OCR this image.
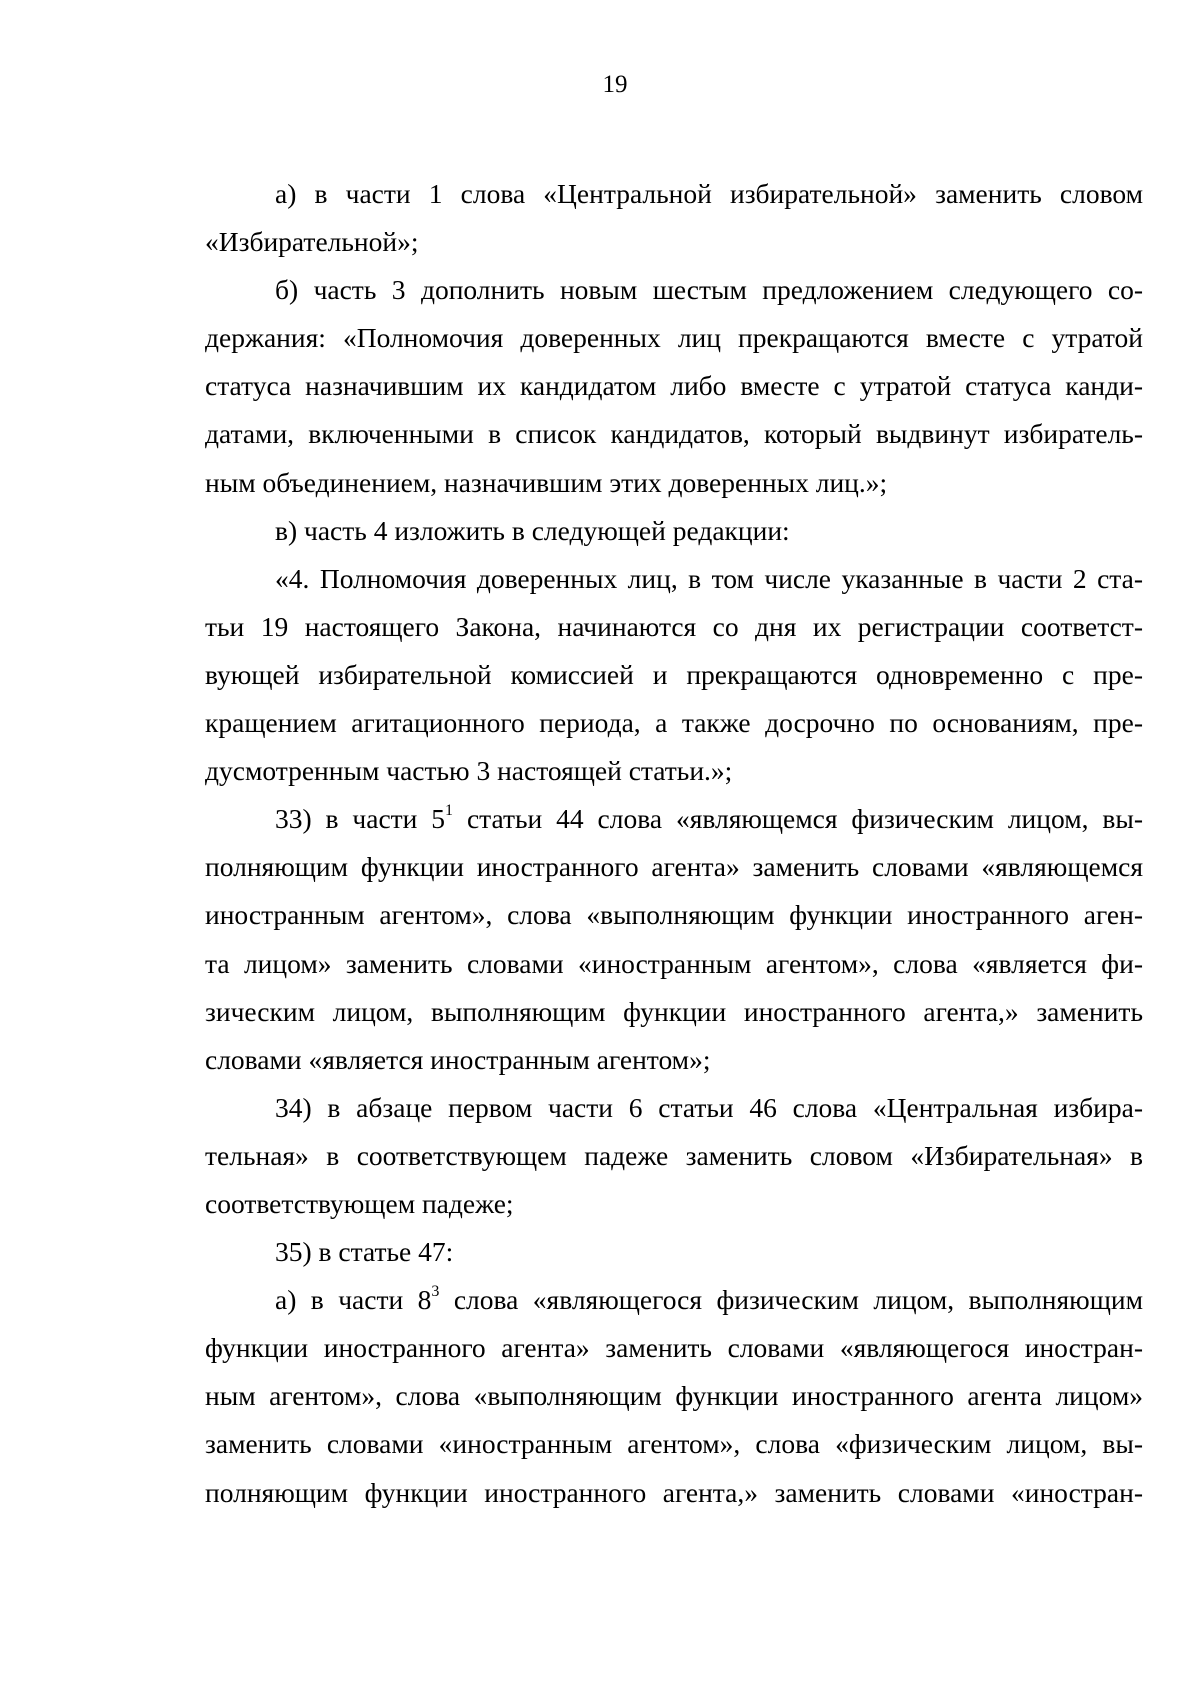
19

а) в части 1 слова «Центральной избирательной» заменить словом
«Избирательной»;

б) часть 3 дополнить новым шестым предложением следующего со-
держания: «Полномочия доверенных лиц прекращаются вместе с утратой
статуса назначившим их кандидатом либо вместе с утратой статуса канди-
датами, включенными в список кандидатов, который выдвинут избиратель-
ным объединением, назначившим этих доверенных лиц.»;

в) часть 4 изложить в следующей редакции:

«4. Полномочия доверенных лиц, в том числе указанные в части 2 ста-
тьи 19 настоящего Закона, начинаются со дня их регистрации соответст-
вующей избирательной комиссией и прекращаются одновременно с пре-
кращением агитационного периода, а также досрочно по основаниям, пре-
дусмотренным частью 3 настоящей статьи.»;

33) в части $5^1$ статьи 44 слова «являющемся физическим лицом, вы-
полняющим функции иностранного агента» заменить словами «являющемся
иностранным агентом», слова «выполняющим функции иностранного аген-
та лицом» заменить словами «иностранным агентом», слова «является фи-
зическим лицом, выполняющим функции иностранного агента,» заменить
словами «является иностранным агентом»;

34) в абзаце первом части 6 статьи 46 слова «Центральная избира-
тельная» в соответствующем падеже заменить словом «Избирательная» в
соответствующем падеже;

35) в статье 47:

а) в части $8^3$ слова «являющегося физическим лицом, выполняющим
функции иностранного агента» заменить словами «являющегося иностран-
ным агентом», слова «выполняющим функции иностранного агента лицом»
заменить словами «иностранным агентом», слова «физическим лицом, вы-
полняющим функции иностранного агента,» заменить словами «иностран-
